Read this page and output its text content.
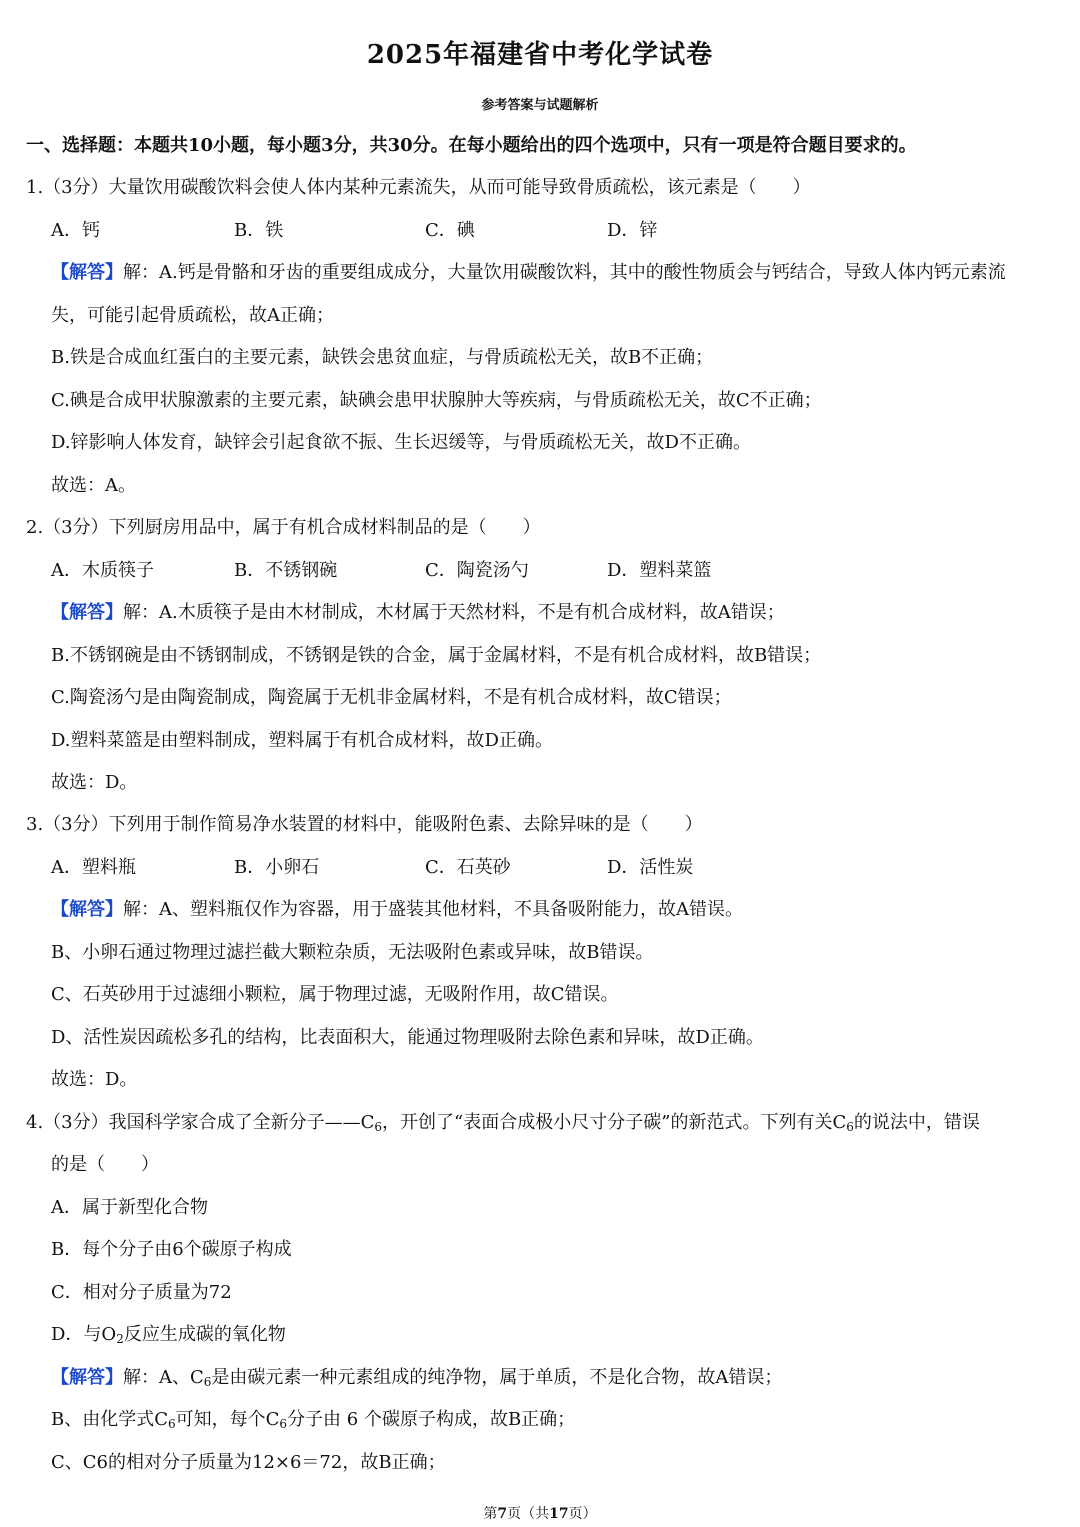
2025年福建省中考化学试卷
参考答案与试题解析
一、选择题：本题共10小题，每小题3分，共30分。在每小题给出的四个选项中，只有一项是符合题目要求的。
1.（3分）大量饮用碳酸饮料会使人体内某种元素流失，从而可能导致骨质疏松，该元素是（　　）
A．钙	B．铁	C．碘	D．锌
【解答】解：A.钙是骨骼和牙齿的重要组成成分，大量饮用碳酸饮料，其中的酸性物质会与钙结合，导致人体内钙元素流
失，可能引起骨质疏松，故A正确；
B.铁是合成血红蛋白的主要元素，缺铁会患贫血症，与骨质疏松无关，故B不正确；
C.碘是合成甲状腺激素的主要元素，缺碘会患甲状腺肿大等疾病，与骨质疏松无关，故C不正确；
D.锌影响人体发育，缺锌会引起食欲不振、生长迟缓等，与骨质疏松无关，故D不正确。
故选：A。
2.（3分）下列厨房用品中，属于有机合成材料制品的是（　　）
A．木质筷子	B．不锈钢碗	C．陶瓷汤勺	D．塑料菜篮
【解答】解：A.木质筷子是由木材制成，木材属于天然材料，不是有机合成材料，故A错误；
B.不锈钢碗是由不锈钢制成，不锈钢是铁的合金，属于金属材料，不是有机合成材料，故B错误；
C.陶瓷汤勺是由陶瓷制成，陶瓷属于无机非金属材料，不是有机合成材料，故C错误；
D.塑料菜篮是由塑料制成，塑料属于有机合成材料，故D正确。
故选：D。
3.（3分）下列用于制作简易净水装置的材料中，能吸附色素、去除异味的是（　　）
A．塑料瓶	B．小卵石	C．石英砂	D．活性炭
【解答】解：A、塑料瓶仅作为容器，用于盛装其他材料，不具备吸附能力，故A错误。
B、小卵石通过物理过滤拦截大颗粒杂质，无法吸附色素或异味，故B错误。
C、石英砂用于过滤细小颗粒，属于物理过滤，无吸附作用，故C错误。
D、活性炭因疏松多孔的结构，比表面积大，能通过物理吸附去除色素和异味，故D正确。
故选：D。
4.（3分）我国科学家合成了全新分子$——C_6$，开创了“表面合成极小尺寸分子碳”的新范式。下列有关$C_6$的说法中，错误
的是（　　）
A．属于新型化合物
B．每个分子由6个碳原子构成
C．相对分子质量为72
D．与$O_2$反应生成碳的氧化物
【解答】解：A、$C_6$是由碳元素一种元素组成的纯净物，属于单质，不是化合物，故A错误；
B、由化学式$C_6$可知，每个$C_6$分子由 6 个碳原子构成，故B正确；
C、C6的相对分子质量为12×6＝72，故B正确；
第7页（共17页）
